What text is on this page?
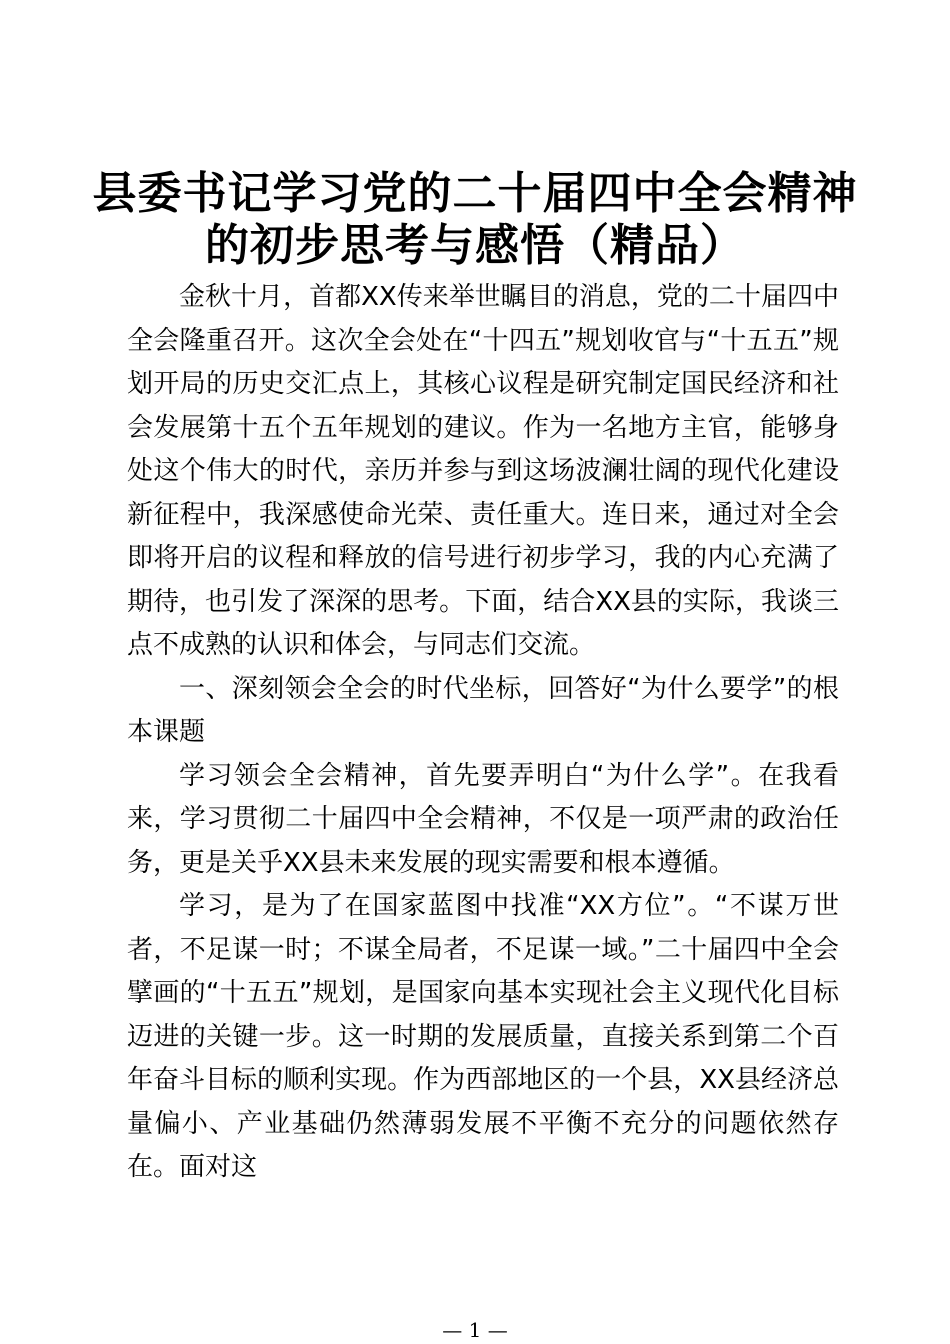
县委书记学习党的二十届四中全会精神
的初步思考与感悟（精品）

金秋十月，首都XX传来举世瞩目的消息，党的二十届四中全会隆重召开。这次全会处在“十四五”规划收官与“十五五”规划开局的历史交汇点上，其核心议程是研究制定国民经济和社会发展第十五个五年规划的建议。作为一名地方主官，能够身处这个伟大的时代，亲历并参与到这场波澜壮阔的现代化建设新征程中，我深感使命光荣、责任重大。连日来，通过对全会即将开启的议程和释放的信号进行初步学习，我的内心充满了期待，也引发了深深的思考。下面，结合XX县的实际，我谈三点不成熟的认识和体会，与同志们交流。

一、深刻领会全会的时代坐标，回答好“为什么要学”的根本课题

学习领会全会精神，首先要弄明白“为什么学”。在我看来，学习贯彻二十届四中全会精神，不仅是一项严肃的政治任务，更是关乎XX县未来发展的现实需要和根本遵循。

学习，是为了在国家蓝图中找准“XX方位”。“不谋万世者，不足谋一时；不谋全局者，不足谋一域。”二十届四中全会擘画的“十五五”规划，是国家向基本实现社会主义现代化目标迈进的关键一步。这一时期的发展质量，直接关系到第二个百年奋斗目标的顺利实现。作为西部地区的一个县，XX县经济总量偏小、产业基础仍然薄弱发展不平衡不充分的问题依然存在。面对这

— 1 —
